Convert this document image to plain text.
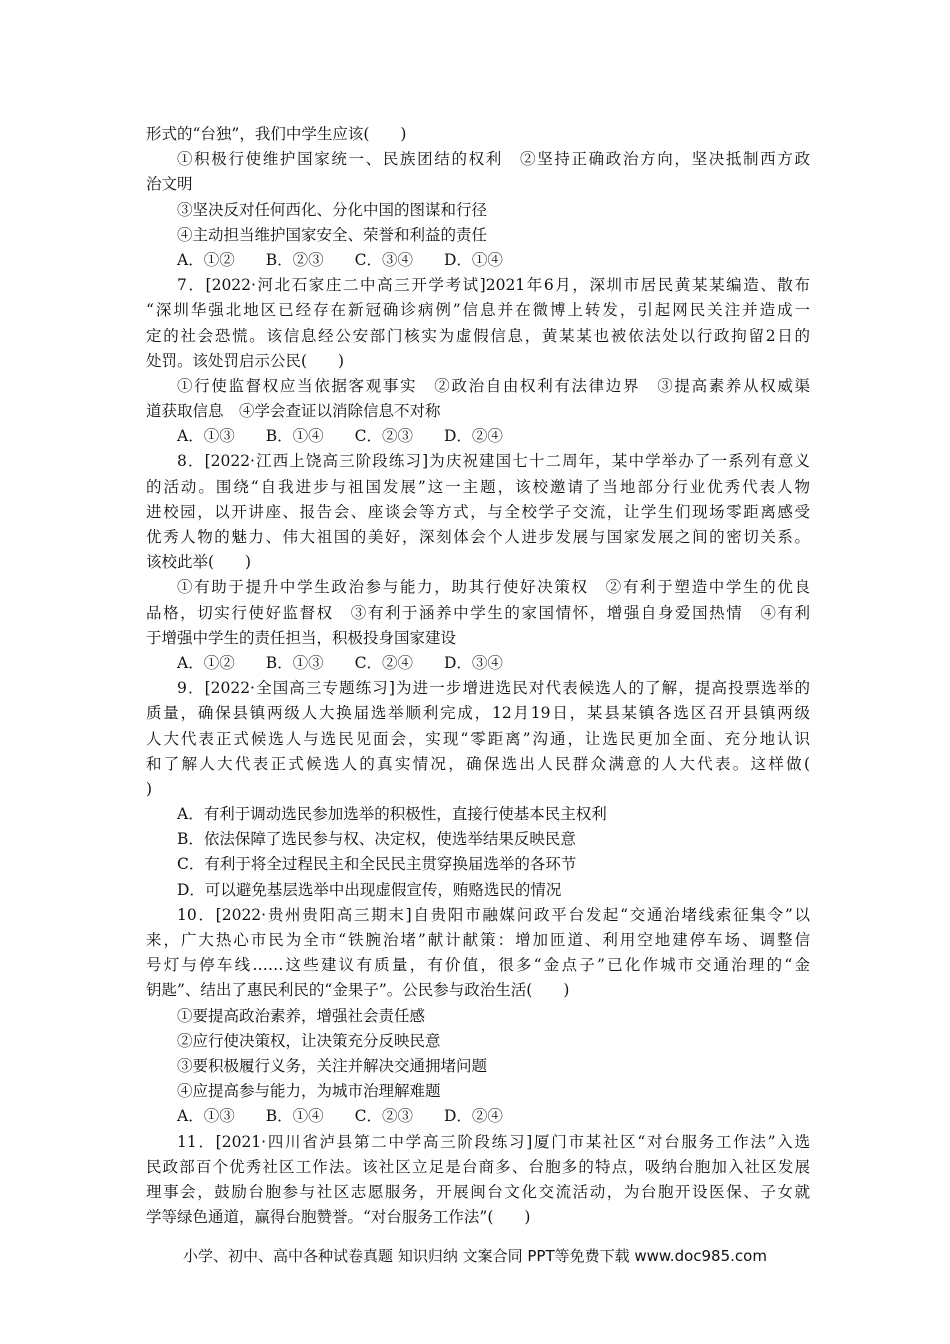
形式的“台独”，我们中学生应该(　　)
①积极行使维护国家统一、民族团结的权利　②坚持正确政治方向，坚决抵制西方政
治文明
③坚决反对任何西化、分化中国的图谋和行径
④主动担当维护国家安全、荣誉和利益的责任
A．①②　　B．②③　　C．③④　　D．①④
7．[2022·河北石家庄二中高三开学考试]2021年6月，深圳市居民黄某某编造、散布
“深圳华强北地区已经存在新冠确诊病例”信息并在微博上转发，引起网民关注并造成一
定的社会恐慌。该信息经公安部门核实为虚假信息，黄某某也被依法处以行政拘留2日的
处罚。该处罚启示公民(　　)
①行使监督权应当依据客观事实　②政治自由权利有法律边界　③提高素养从权威渠
道获取信息　④学会查证以消除信息不对称
A．①③　　B．①④　　C．②③　　D．②④
8．[2022·江西上饶高三阶段练习]为庆祝建国七十二周年，某中学举办了一系列有意义
的活动。围绕“自我进步与祖国发展”这一主题，该校邀请了当地部分行业优秀代表人物
进校园，以开讲座、报告会、座谈会等方式，与全校学子交流，让学生们现场零距离感受
优秀人物的魅力、伟大祖国的美好，深刻体会个人进步发展与国家发展之间的密切关系。
该校此举(　　)
①有助于提升中学生政治参与能力，助其行使好决策权　②有利于塑造中学生的优良
品格，切实行使好监督权　③有利于涵养中学生的家国情怀，增强自身爱国热情　④有利
于增强中学生的责任担当，积极投身国家建设
A．①②　　B．①③　　C．②④　　D．③④
9．[2022·全国高三专题练习]为进一步增进选民对代表候选人的了解，提高投票选举的
质量，确保县镇两级人大换届选举顺利完成，12月19日，某县某镇各选区召开县镇两级
人大代表正式候选人与选民见面会，实现“零距离”沟通，让选民更加全面、充分地认识
和了解人大代表正式候选人的真实情况，确保选出人民群众满意的人大代表。这样做(
)
A．有利于调动选民参加选举的积极性，直接行使基本民主权利
B．依法保障了选民参与权、决定权，使选举结果反映民意
C．有利于将全过程民主和全民民主贯穿换届选举的各环节
D．可以避免基层选举中出现虚假宣传，贿赂选民的情况
10．[2022·贵州贵阳高三期末]自贵阳市融媒问政平台发起“交通治堵线索征集令”以
来，广大热心市民为全市“铁腕治堵”献计献策：增加匝道、利用空地建停车场、调整信
号灯与停车线……这些建议有质量，有价值，很多“金点子”已化作城市交通治理的“金
钥匙”、结出了惠民利民的“金果子”。公民参与政治生活(　　)
①要提高政治素养，增强社会责任感
②应行使决策权，让决策充分反映民意
③要积极履行义务，关注并解决交通拥堵问题
④应提高参与能力，为城市治理解难题
A．①③　　B．①④　　C．②③　　D．②④
11．[2021·四川省泸县第二中学高三阶段练习]厦门市某社区“对台服务工作法”入选
民政部百个优秀社区工作法。该社区立足是台商多、台胞多的特点，吸纳台胞加入社区发展
理事会，鼓励台胞参与社区志愿服务，开展闽台文化交流活动，为台胞开设医保、子女就
学等绿色通道，赢得台胞赞誉。“对台服务工作法”(　　)
小学、初中、高中各种试卷真题 知识归纳 文案合同 PPT等免费下载 www.doc985.com
